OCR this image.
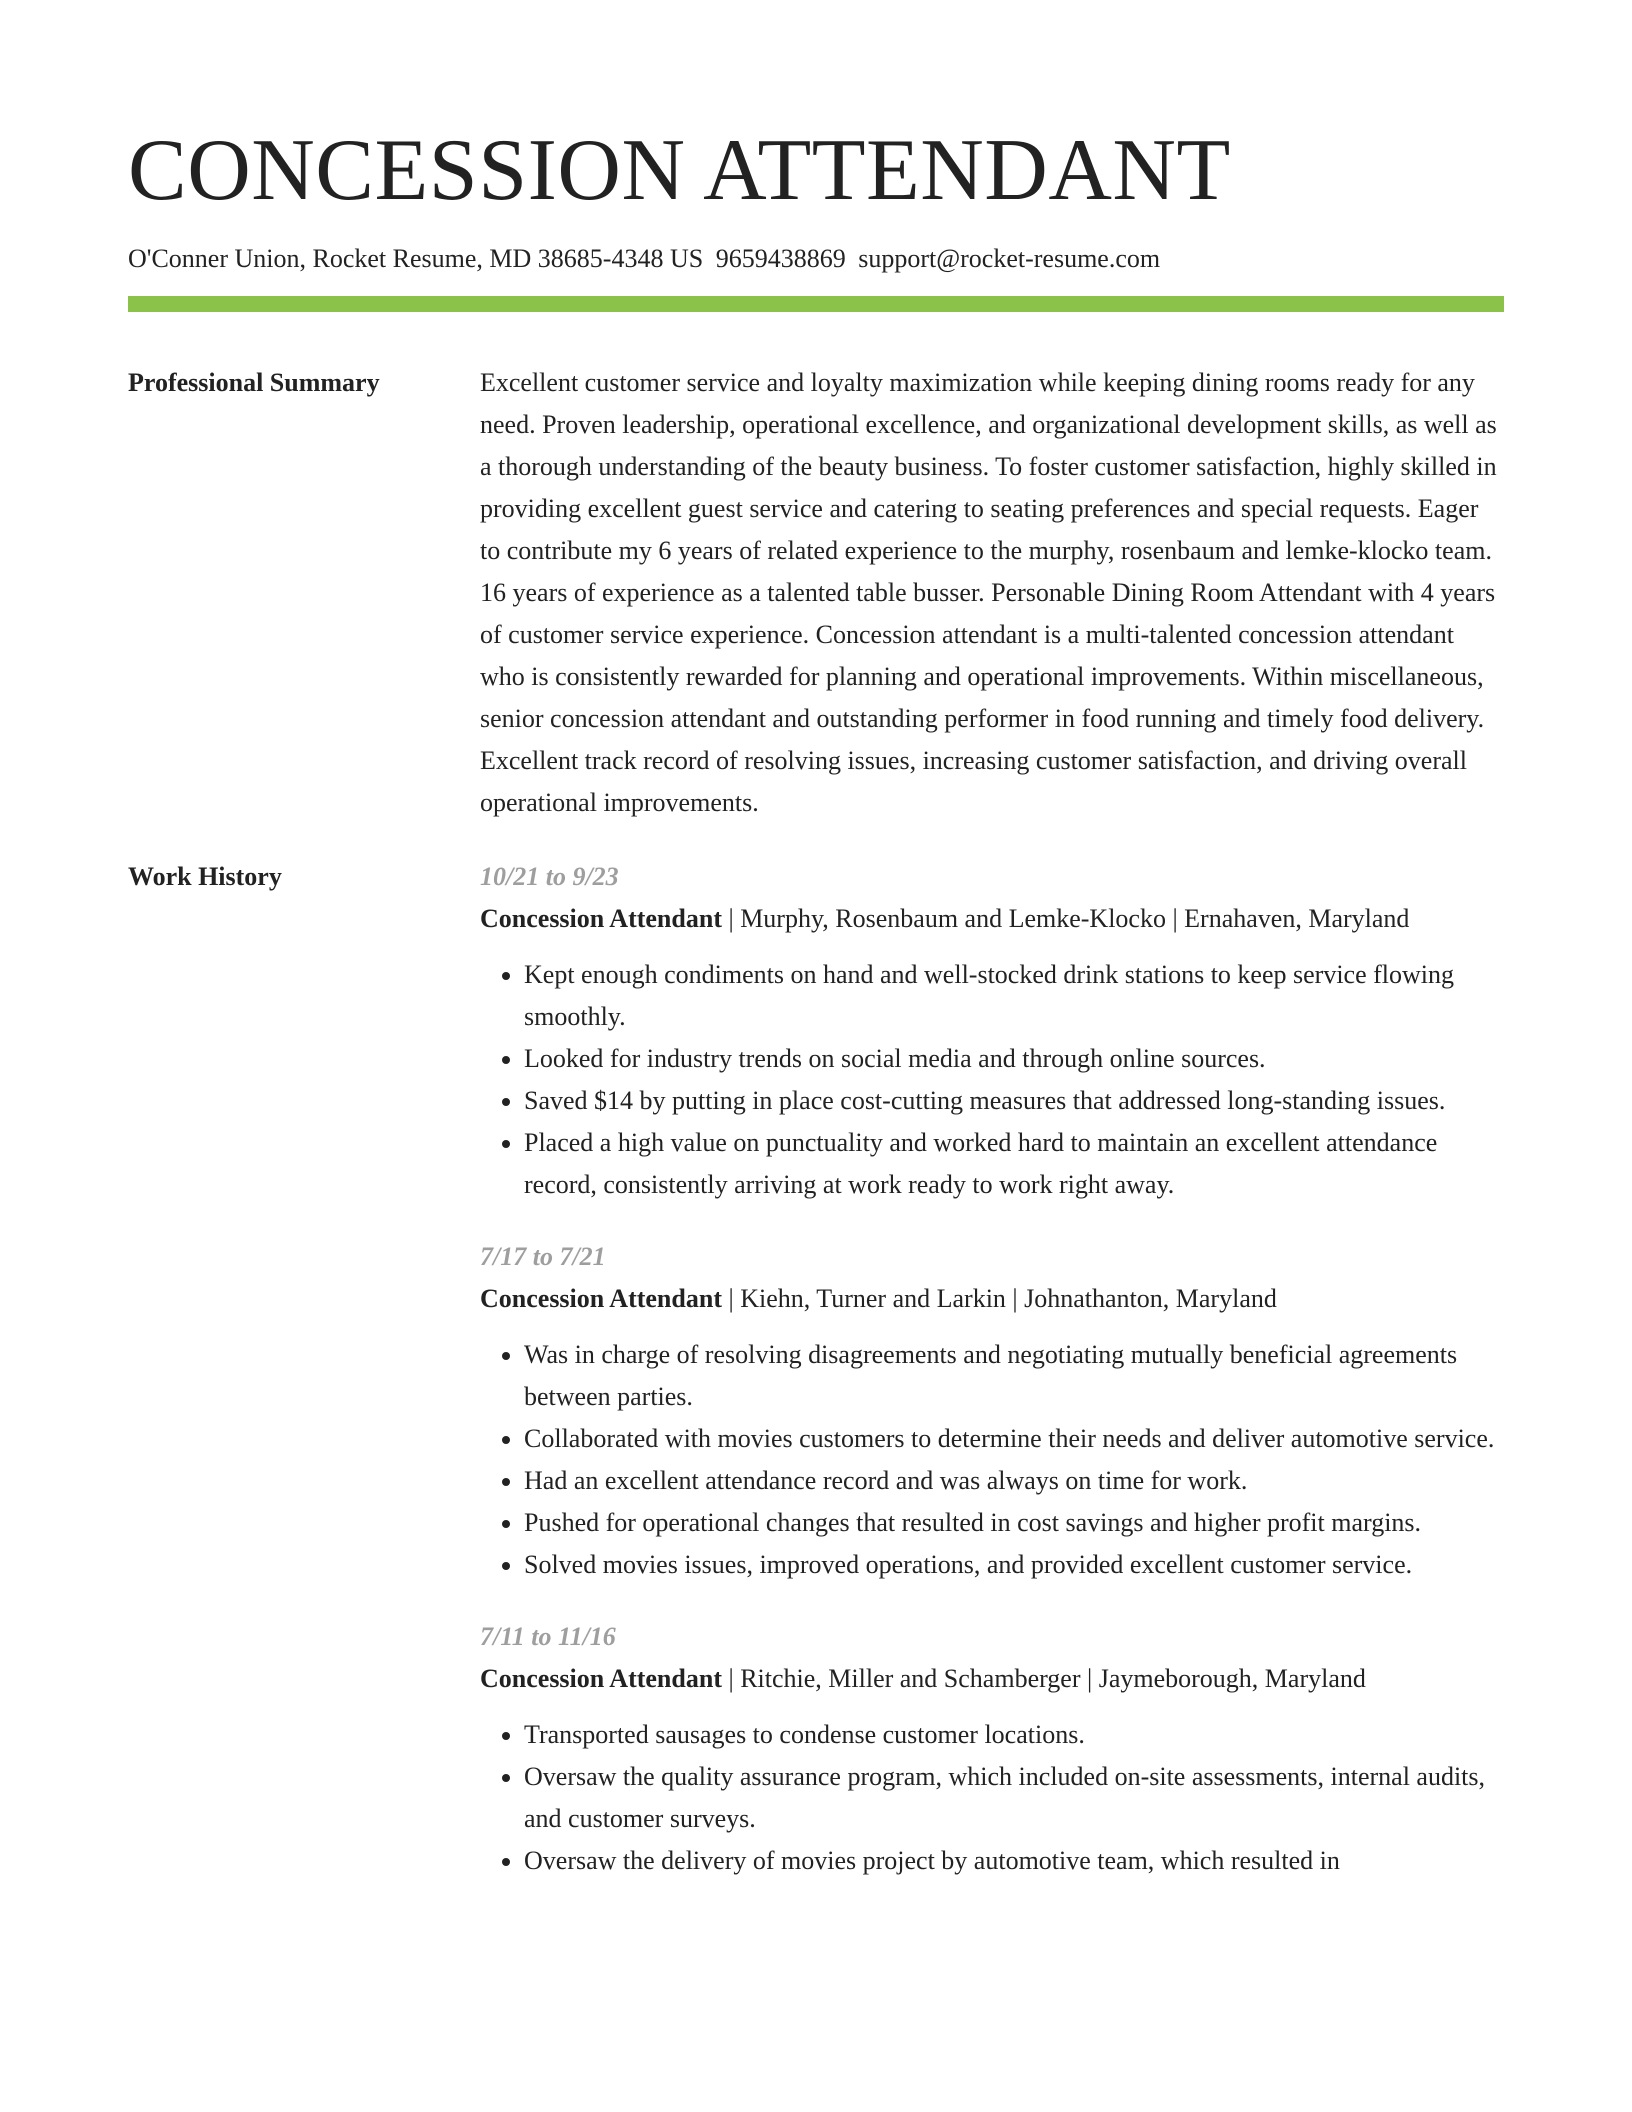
CONCESSION ATTENDANT
O'Conner Union, Rocket Resume, MD 38685-4348 US 9659438869 support@rocket-resume.com
Professional Summary	Excellent customer service and loyalty maximization while keeping dining rooms ready for any need. Proven leadership, operational excellence, and organizational development skills, as well as a thorough understanding of the beauty business. To foster customer satisfaction, highly skilled in providing excellent guest service and catering to seating preferences and special requests. Eager to contribute my 6 years of related experience to the murphy, rosenbaum and lemke-klocko team. 16 years of experience as a talented table busser. Personable Dining Room Attendant with 4 years of customer service experience. Concession attendant is a multi-talented concession attendant who is consistently rewarded for planning and operational improvements. Within miscellaneous, senior concession attendant and outstanding performer in food running and timely food delivery. Excellent track record of resolving issues, increasing customer satisfaction, and driving overall operational improvements.

Work History	10/21 to 9/23
Concession Attendant | Murphy, Rosenbaum and Lemke-Klocko | Ernahaven, Maryland
• Kept enough condiments on hand and well-stocked drink stations to keep service flowing smoothly.
• Looked for industry trends on social media and through online sources.
• Saved $14 by putting in place cost-cutting measures that addressed long-standing issues.
• Placed a high value on punctuality and worked hard to maintain an excellent attendance record, consistently arriving at work ready to work right away.
7/17 to 7/21
Concession Attendant | Kiehn, Turner and Larkin | Johnathanton, Maryland
• Was in charge of resolving disagreements and negotiating mutually beneficial agreements between parties.
• Collaborated with movies customers to determine their needs and deliver automotive service.
• Had an excellent attendance record and was always on time for work.
• Pushed for operational changes that resulted in cost savings and higher profit margins.
• Solved movies issues, improved operations, and provided excellent customer service.
7/11 to 11/16
Concession Attendant | Ritchie, Miller and Schamberger | Jaymeborough, Maryland
• Transported sausages to condense customer locations.
• Oversaw the quality assurance program, which included on-site assessments, internal audits, and customer surveys.
• Oversaw the delivery of movies project by automotive team, which resulted in
